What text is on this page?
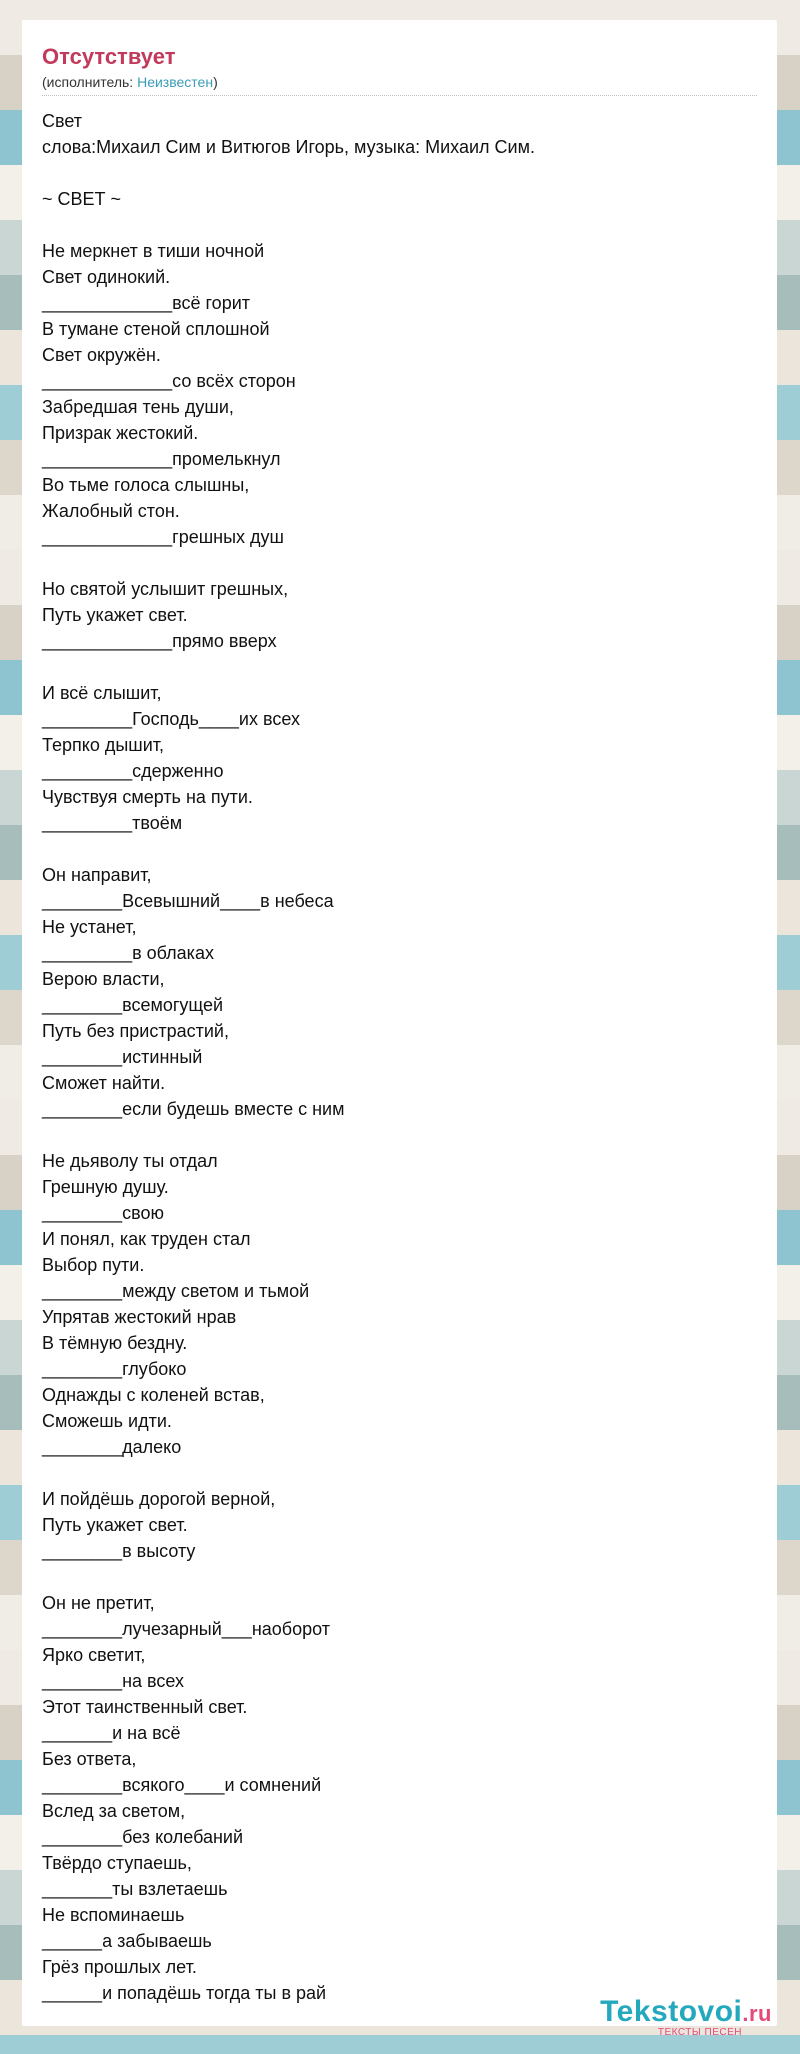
Отсутствует
(исполнитель: Неизвестен)
Свет
слова:Михаил Сим и Витюгов Игорь, музыка: Михаил Сим.
~ СВЕТ ~
Не меркнет в тиши ночной
Свет одинокий.
_____________всё горит
В тумане стеной сплошной
Свет окружён.
_____________со всёх сторон
Забредшая тень души,
Призрак жестокий.
_____________промелькнул
Во тьме голоса слышны,
Жалобный стон.
_____________грешных душ
Но святой услышит грешных,
Путь укажет свет.
_____________прямо вверх
И всё слышит,
_________Господь____их всех
Терпко дышит,
_________сдерженно
Чувствуя смерть на пути.
_________твоём
Он направит,
________Всевышний____в небеса
Не устанет,
_________в облаках
Верою власти,
________всемогущей
Путь без пристрастий,
________истинный
Сможет найти.
________если будешь вместе с ним
Не дьяволу ты отдал
Грешную душу.
________свою
И понял, как труден стал
Выбор пути.
________между светом и тьмой
Упрятав жестокий нрав
В тёмную бездну.
________глубоко
Однажды с коленей встав,
Сможешь идти.
________далеко
И пойдёшь дорогой верной,
Путь укажет свет.
________в высоту
Он не претит,
________лучезарный___наоборот
Ярко светит,
________на всех
Этот таинственный свет.
_______и на всё
Без ответа,
________всякого____и сомнений
Вслед за светом,
________без колебаний
Твёрдо ступаешь,
_______ты взлетаешь
Не вспоминаешь
______а забываешь
Грёз прошлых лет.
______и попадёшь тогда ты в рай
Tekstovoi.ru
ТЕКСТЫ ПЕСЕН
